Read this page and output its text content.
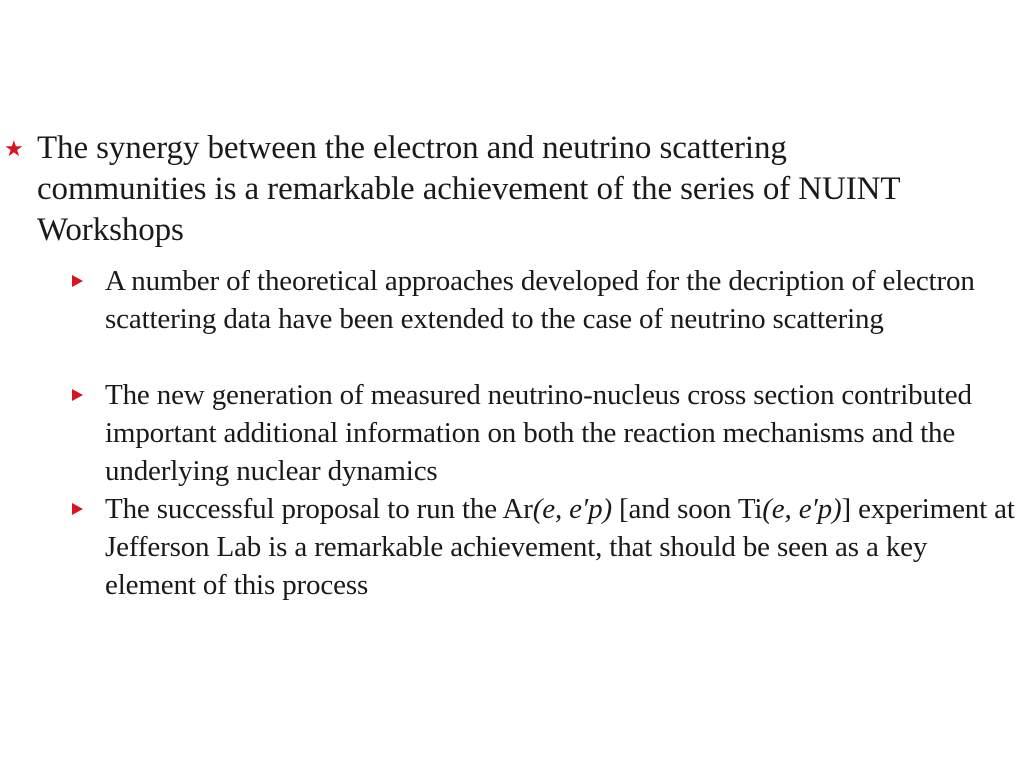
★ The synergy between the electron and neutrino scattering communities is a remarkable achievement of the series of NUINT Workshops
A number of theoretical approaches developed for the decription of electron scattering data have been extended to the case of neutrino scattering
The new generation of measured neutrino-nucleus cross section contributed important additional information on both the reaction mechanisms and the underlying nuclear dynamics
The successful proposal to run the Ar(e, e′p) [and soon Ti(e, e′p)] experiment at Jefferson Lab is a remarkable achievement, that should be seen as a key element of this process
